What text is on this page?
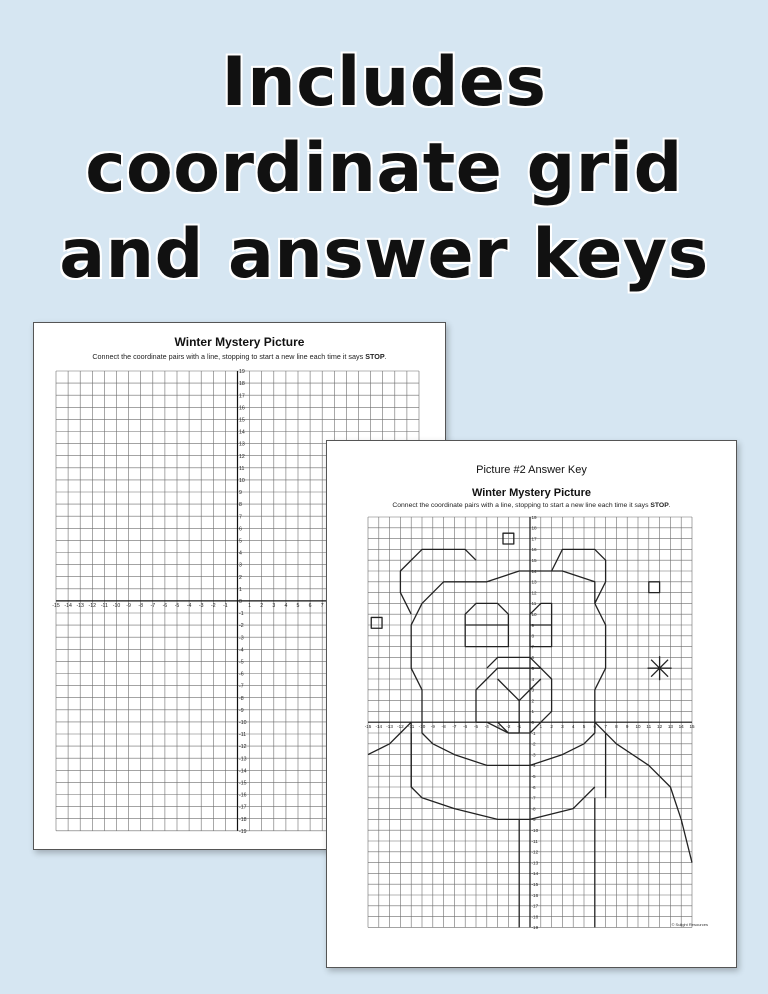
Includes
coordinate grid
and answer keys
Winter Mystery Picture
Connect the coordinate pairs with a line, stopping to start a new line each time it says STOP.
-15 -14 -13 -12 -11 -10 -9 -8 -7 -6 -5 -4 -3 -2 -1	1 2 3 4 5 6 7
-19
-18
-17
-16
-15
-14
-13
-12
-11
-10
-9
-8
-7
-6
-5
-4
-3
-2
-1
0
1
2
3
4
5
6
7
8
9
10
11
12
13
14
15
16
17
18
19
Picture #2 Answer Key
Winter Mystery Picture
Connect the coordinate pairs with a line, stopping to start a new line each time it says STOP.
-15 -14 -13 -12 -11 -10 -9 -8 -7 -6 -5 -4 -3 -2 -1	1 2 3 4 5 6 7 8 9 10 11 12 13 14 15
-19
-18
-17
-16
-15
-14
-13
-12
-11
-10
-9
-8
-7
-6
-5
-4
-3
-2
-1
0
1
2
3
4
5
6
7
8
9
10
11
12
13
14
15
16
17
18
19
© Sulight Resources
